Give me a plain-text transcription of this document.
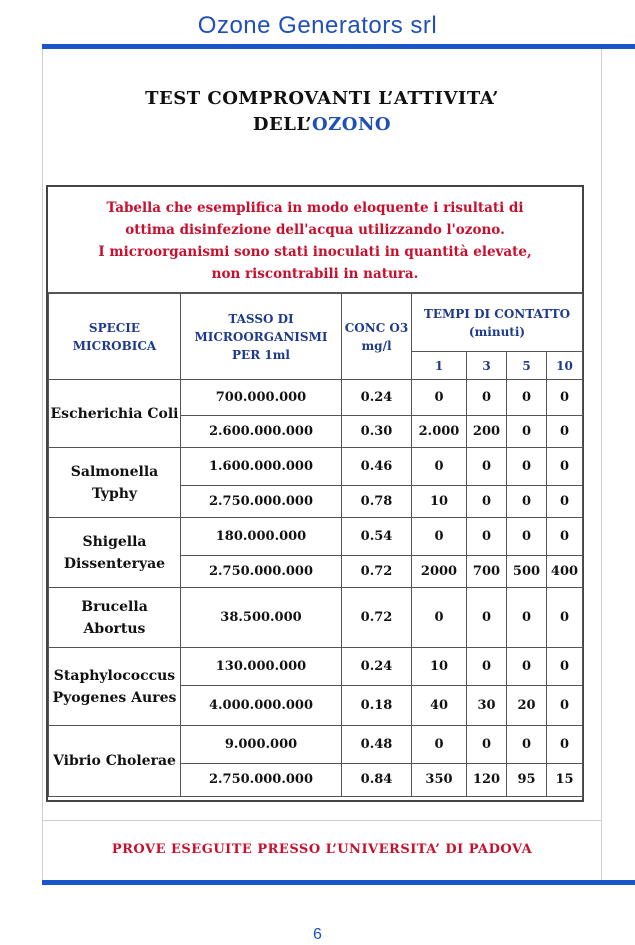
Ozone Generators srl
TEST COMPROVANTI L’ATTIVITA’
DELL’OZONO
Tabella che esemplifica in modo eloquente i risultati di
ottima disinfezione dell'acqua utilizzando l'ozono.
I microorganismi sono stati inoculati in quantità elevate,
non riscontrabili in natura.
SPECIE MICROBICA	TASSO DI MICROORGANISMI PER 1ml	CONC O3 mg/l	TEMPI DI CONTATTO (minuti)			
			1	3	5	10
Escherichia Coli	700.000.000	0.24	0	0	0	0
	2.600.000.000	0.30	2.000	200	0	0
Salmonella Typhy	1.600.000.000	0.46	0	0	0	0
	2.750.000.000	0.78	10	0	0	0
Shigella Dissenteryae	180.000.000	0.54	0	0	0	0
	2.750.000.000	0.72	2000	700	500	400
Brucella Abortus	38.500.000	0.72	0	0	0	0
Staphylococcus Pyogenes Aures	130.000.000	0.24	10	0	0	0
	4.000.000.000	0.18	40	30	20	0
Vibrio Cholerae	9.000.000	0.48	0	0	0	0
	2.750.000.000	0.84	350	120	95	15
PROVE ESEGUITE PRESSO L’UNIVERSITA’ DI PADOVA
6
